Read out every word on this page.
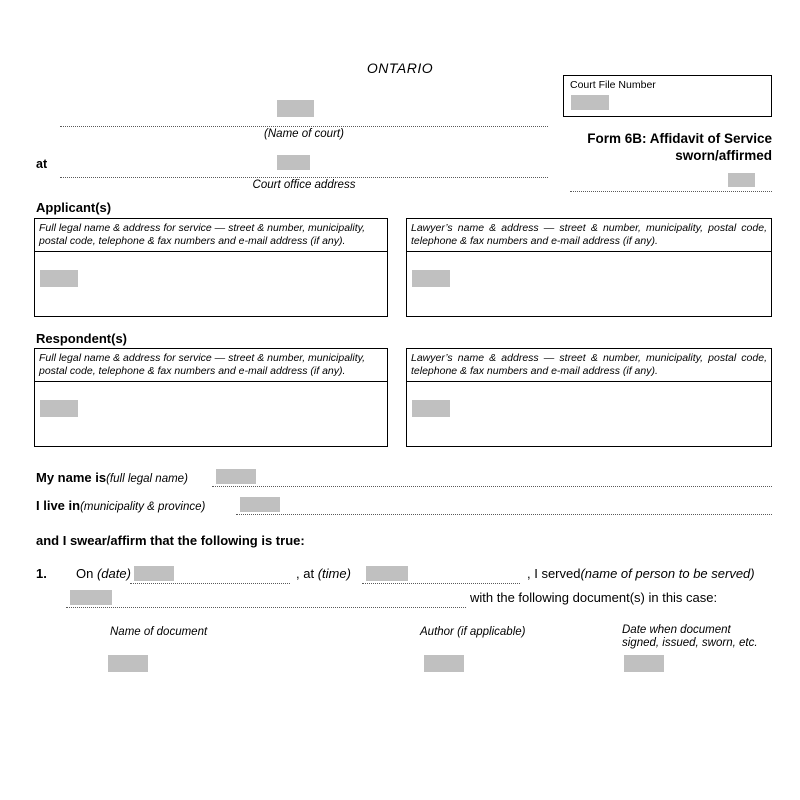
ONTARIO
Court File Number
Form 6B: Affidavit of Service
sworn/affirmed
(Name of court)
at
Court office address
Applicant(s)
Full legal name & address for service — street & number, municipality, postal code, telephone & fax numbers and e-mail address (if any).
Lawyer’s name & address — street & number, municipality, postal code, telephone & fax numbers and e-mail address (if any).
Respondent(s)
Full legal name & address for service — street & number, municipality, postal code, telephone & fax numbers and e-mail address (if any).
Lawyer’s name & address — street & number, municipality, postal code, telephone & fax numbers and e-mail address (if any).
My name is(full legal name)
I live in(municipality & province)
and I swear/affirm that the following is true:
1. On (date)	, at (time)	, I served(name of person to be served)
with the following document(s) in this case:
Name of document	Author (if applicable)	Date when document
signed, issued, sworn, etc.
